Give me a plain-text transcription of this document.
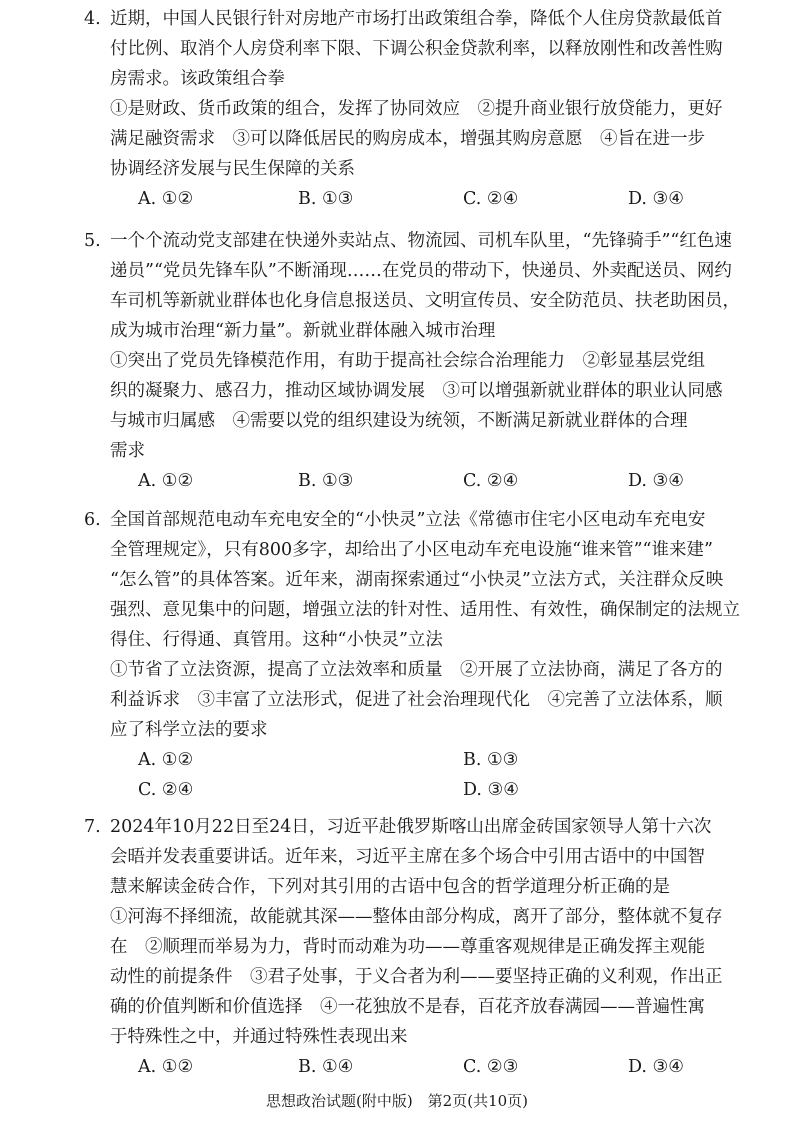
4. 近期，中国人民银行针对房地产市场打出政策组合拳，降低个人住房贷款最低首
付比例、取消个人房贷利率下限、下调公积金贷款利率，以释放刚性和改善性购
房需求。该政策组合拳
①是财政、货币政策的组合，发挥了协同效应　②提升商业银行放贷能力，更好
满足融资需求　③可以降低居民的购房成本，增强其购房意愿　④旨在进一步
协调经济发展与民生保障的关系
A. ①②	B. ①③	C. ②④	D. ③④
5. 一个个流动党支部建在快递外卖站点、物流园、司机车队里，“先锋骑手”“红色速
递员”“党员先锋车队”不断涌现……在党员的带动下，快递员、外卖配送员、网约
车司机等新就业群体也化身信息报送员、文明宣传员、安全防范员、扶老助困员，
成为城市治理“新力量”。新就业群体融入城市治理
①突出了党员先锋模范作用，有助于提高社会综合治理能力　②彰显基层党组
织的凝聚力、感召力，推动区域协调发展　③可以增强新就业群体的职业认同感
与城市归属感　④需要以党的组织建设为统领，不断满足新就业群体的合理
需求
A. ①②	B. ①③	C. ②④	D. ③④
6. 全国首部规范电动车充电安全的“小快灵”立法《常德市住宅小区电动车充电安
全管理规定》，只有800多字，却给出了小区电动车充电设施“谁来管”“谁来建”
“怎么管”的具体答案。近年来，湖南探索通过“小快灵”立法方式，关注群众反映
强烈、意见集中的问题，增强立法的针对性、适用性、有效性，确保制定的法规立
得住、行得通、真管用。这种“小快灵”立法
①节省了立法资源，提高了立法效率和质量　②开展了立法协商，满足了各方的
利益诉求　③丰富了立法形式，促进了社会治理现代化　④完善了立法体系，顺
应了科学立法的要求
A. ①②	B. ①③
C. ②④	D. ③④
7. 2024年10月22日至24日，习近平赴俄罗斯喀山出席金砖国家领导人第十六次
会晤并发表重要讲话。近年来，习近平主席在多个场合中引用古语中的中国智
慧来解读金砖合作，下列对其引用的古语中包含的哲学道理分析正确的是
①河海不择细流，故能就其深——整体由部分构成，离开了部分，整体就不复存
在　②顺理而举易为力，背时而动难为功——尊重客观规律是正确发挥主观能
动性的前提条件　③君子处事，于义合者为利——要坚持正确的义利观，作出正
确的价值判断和价值选择　④一花独放不是春，百花齐放春满园——普遍性寓
于特殊性之中，并通过特殊性表现出来
A. ①②	B. ①④	C. ②③	D. ③④
思想政治试题(附中版)　第2页(共10页)
